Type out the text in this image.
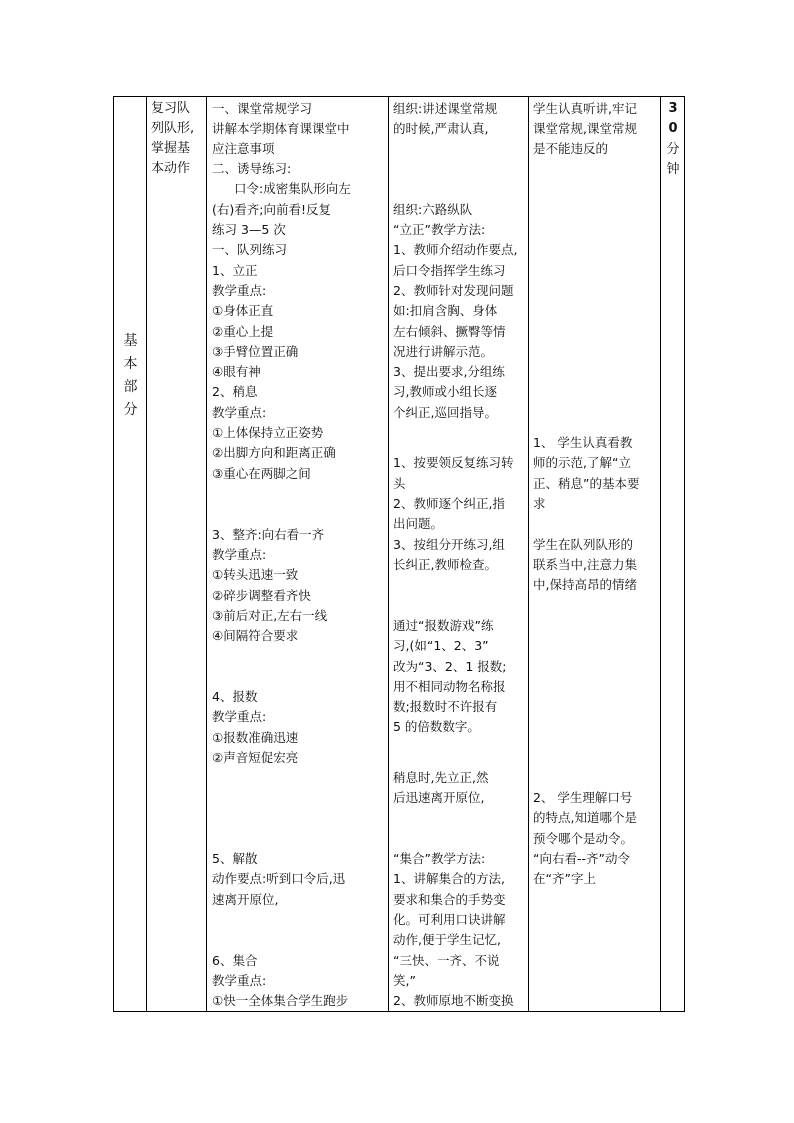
基
本
部
分
复习队
列队形,
掌握基
本动作
一、课堂常规学习
讲解本学期体育课课堂中
应注意事项
二、诱导练习:
口令:成密集队形向左
(右)看齐;向前看!反复
练习 3—5 次
一、队列练习
1、立正
教学重点:
①身体正直
②重心上提
③手臂位置正确
④眼有神
2、稍息
教学重点:
①上体保持立正姿势
②出脚方向和距离正确
③重心在两脚之间
3、整齐:向右看一齐
教学重点:
①转头迅速一致
②碎步调整看齐快
③前后对正,左右一线
④间隔符合要求
4、报数
教学重点:
①报数准确迅速
②声音短促宏亮
5、解散
动作要点:听到口令后,迅
速离开原位,
6、集合
教学重点:
①快一全体集合学生跑步
组织:讲述课堂常规
的时候,严肃认真,
组织:六路纵队
“立正”教学方法:
1、教师介绍动作要点,
后口令指挥学生练习
2、教师针对发现问题
如:扣肩含胸、身体
左右倾斜、撅臀等情
况进行讲解示范。
3、提出要求,分组练
习,教师或小组长逐
个纠正,巡回指导。
1、按要领反复练习转
头
2、教师逐个纠正,指
出问题。
3、按组分开练习,组
长纠正,教师检查。
通过“报数游戏”练
习,(如“1、2、3”
改为“3、2、1 报数;
用不相同动物名称报
数;报数时不许报有
5 的倍数数字。
稍息时,先立正,然
后迅速离开原位,
“集合”教学方法:
1、讲解集合的方法,
要求和集合的手势变
化。可利用口诀讲解
动作,便于学生记忆,
“三快、一齐、不说
笑,”
2、教师原地不断变换
学生认真听讲,牢记
课堂常规,课堂常规
是不能违反的
1、 学生认真看教
师的示范,了解“立
正、稍息”的基本要
求
学生在队列队形的
联系当中,注意力集
中,保持高昂的情绪
2、 学生理解口号
的特点,知道哪个是
预令哪个是动令。
“向右看--齐”动令
在“齐”字上
3
0
分
钟
